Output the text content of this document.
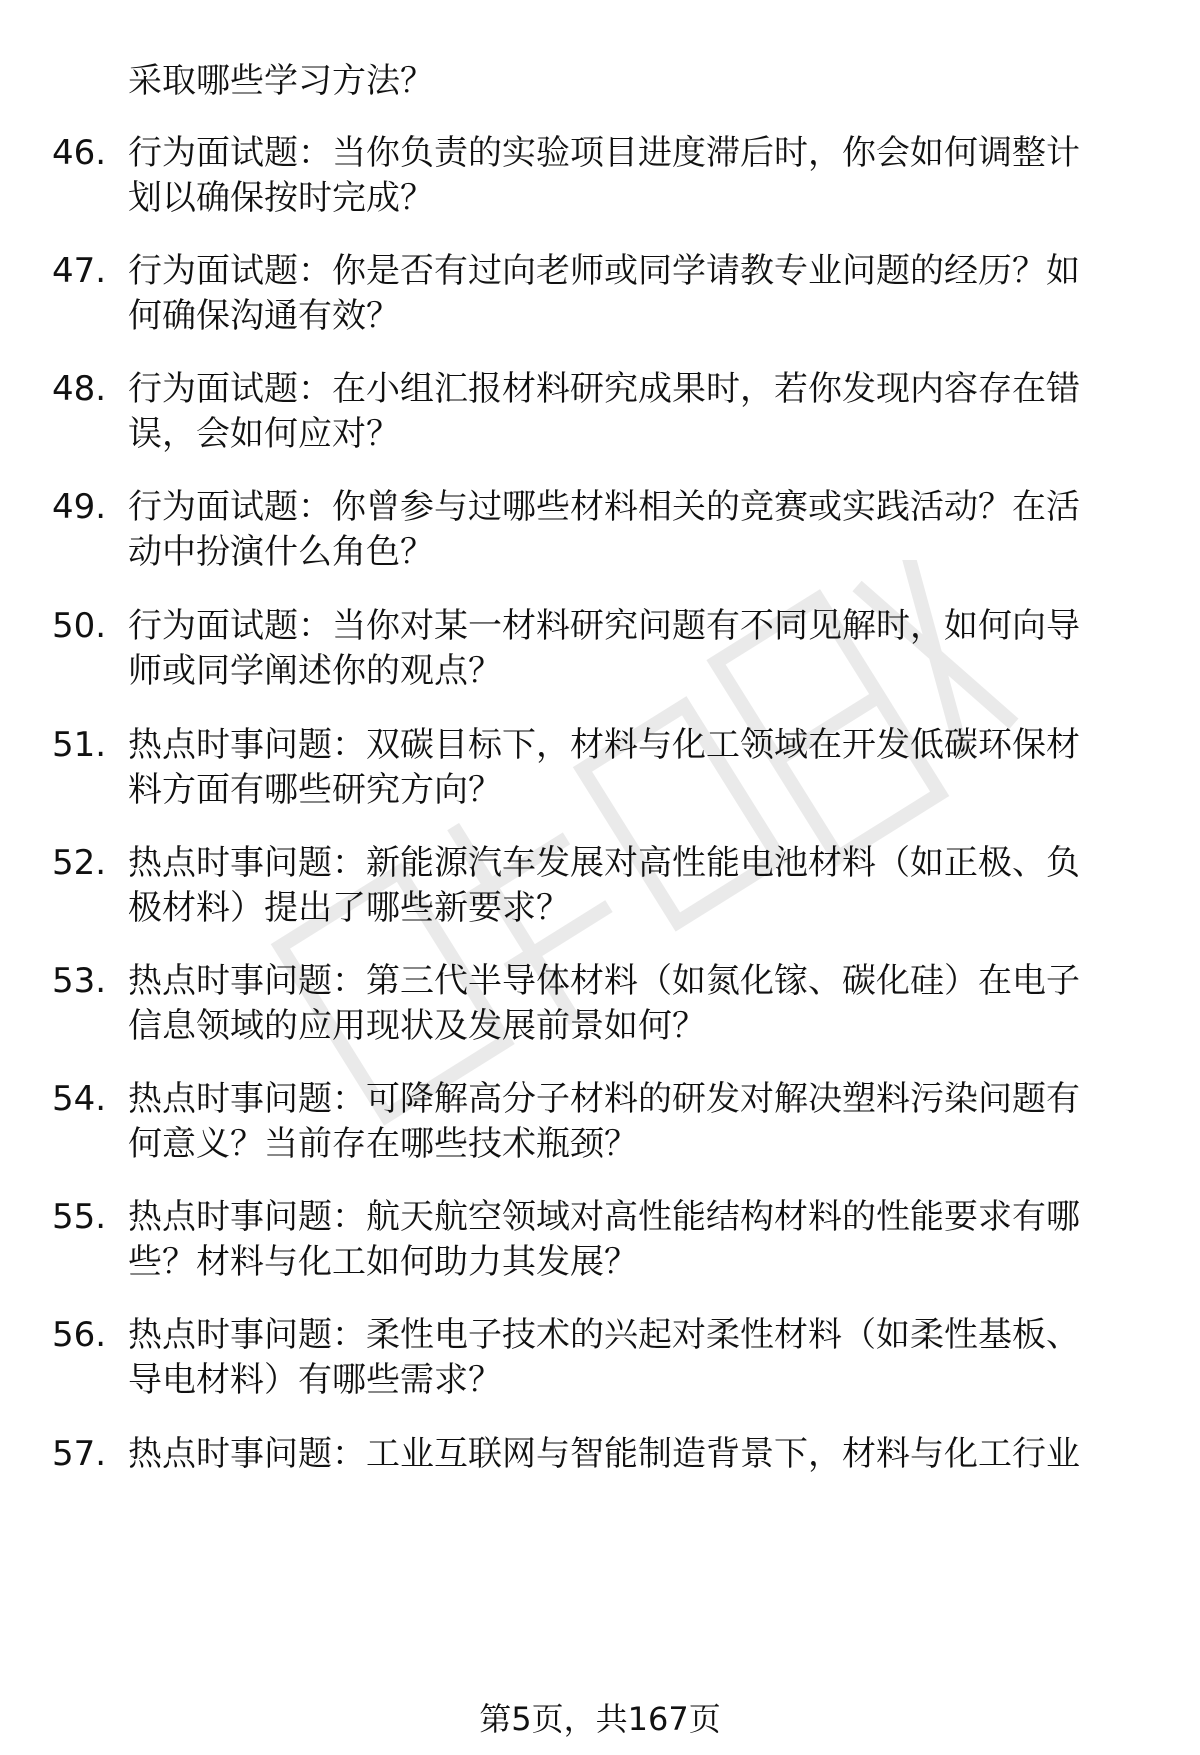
采取哪些学习方法？
46. 行为面试题：当你负责的实验项目进度滞后时，你会如何调整计
划以确保按时完成？
47. 行为面试题：你是否有过向老师或同学请教专业问题的经历？如
何确保沟通有效？
48. 行为面试题：在小组汇报材料研究成果时，若你发现内容存在错
误，会如何应对？
49. 行为面试题：你曾参与过哪些材料相关的竞赛或实践活动？在活
动中扮演什么角色？
50. 行为面试题：当你对某一材料研究问题有不同见解时，如何向导
师或同学阐述你的观点？
51. 热点时事问题：双碳目标下，材料与化工领域在开发低碳环保材
料方面有哪些研究方向？
52. 热点时事问题：新能源汽车发展对高性能电池材料（如正极、负
极材料）提出了哪些新要求？
53. 热点时事问题：第三代半导体材料（如氮化镓、碳化硅）在电子
信息领域的应用现状及发展前景如何？
54. 热点时事问题：可降解高分子材料的研发对解决塑料污染问题有
何意义？当前存在哪些技术瓶颈？
55. 热点时事问题：航天航空领域对高性能结构材料的性能要求有哪
些？材料与化工如何助力其发展？
56. 热点时事问题：柔性电子技术的兴起对柔性材料（如柔性基板、
导电材料）有哪些需求？
57. 热点时事问题：工业互联网与智能制造背景下，材料与化工行业
第5页，共167页
